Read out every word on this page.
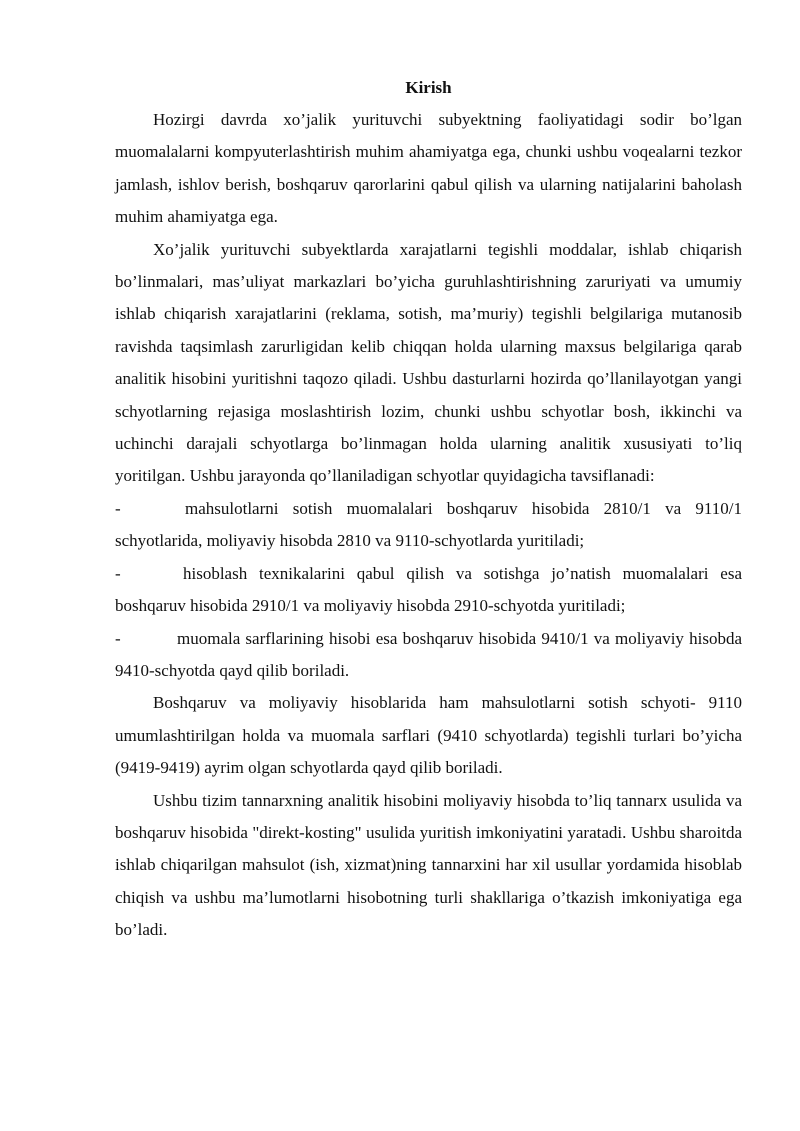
Kirish

Hozirgi davrda xo’jalik yurituvchi subyektning faoliyatidagi sodir bo’lgan muomalalarni kompyuterlashtirish muhim ahamiyatga ega, chunki ushbu voqealarni tezkor jamlash, ishlov berish, boshqaruv qarorlarini qabul qilish va ularning natijalarini baholash muhim ahamiyatga ega.

Xo’jalik yurituvchi subyektlarda xarajatlarni tegishli moddalar, ishlab chiqarish bo’linmalari, mas’uliyat markazlari bo’yicha guruhlashtirishning zaruriyati va umumiy ishlab chiqarish xarajatlarini (reklama, sotish, ma’muriy) tegishli belgilariga mutanosib ravishda taqsimlash zarurligidan kelib chiqqan holda ularning maxsus belgilariga qarab analitik hisobini yuritishni taqozo qiladi. Ushbu dasturlarni hozirda qo’llanilayotgan yangi schyotlarning rejasiga moslashtirish lozim, chunki ushbu schyotlar bosh, ikkinchi va uchinchi darajali schyotlarga bo’linmagan holda ularning analitik xususiyati to’liq yoritilgan. Ushbu jarayonda qo’llaniladigan schyotlar quyidagicha tavsiflanadi:

-	mahsulotlarni sotish muomalalari boshqaruv hisobida 2810/1 va 9110/1 schyotlarida, moliyaviy hisobda 2810 va 9110-schyotlarda yuritiladi;

-	hisoblash texnikalarini qabul qilish va sotishga jo’natish muomalalari esa boshqaruv hisobida 2910/1 va moliyaviy hisobda 2910-schyotda yuritiladi;

-	muomala sarflarining hisobi esa boshqaruv hisobida 9410/1 va moliyaviy hisobda 9410-schyotda qayd qilib boriladi.

Boshqaruv va moliyaviy hisoblarida ham mahsulotlarni sotish schyoti- 9110 umumlashtirilgan holda va muomala sarflari (9410 schyotlarda) tegishli turlari bo’yicha (9419-9419) ayrim olgan schyotlarda qayd qilib boriladi.

Ushbu tizim tannarxning analitik hisobini moliyaviy hisobda to’liq tannarx usulida va boshqaruv hisobida "direkt-kosting" usulida yuritish imkoniyatini yaratadi. Ushbu sharoitda ishlab chiqarilgan mahsulot (ish, xizmat)ning tannarxini har xil usullar yordamida hisoblab chiqish va ushbu ma’lumotlarni hisobotning turli shakllariga o’tkazish imkoniyatiga ega bo’ladi.
